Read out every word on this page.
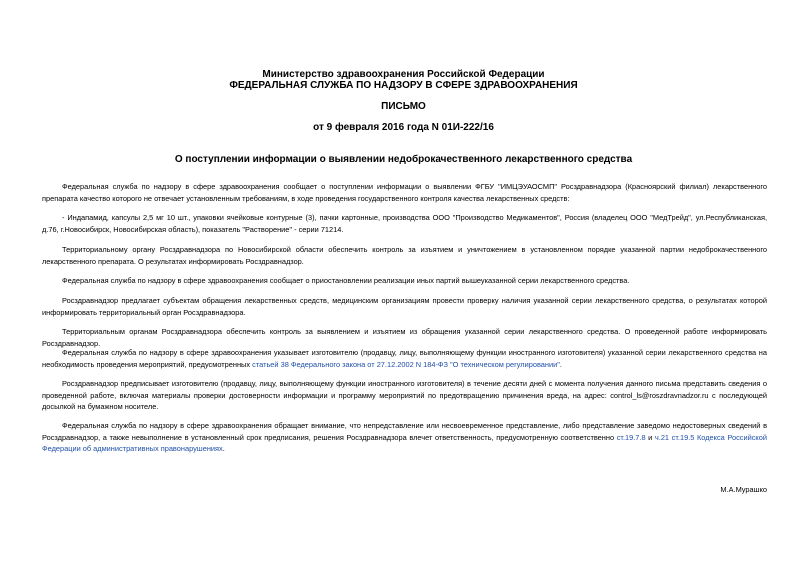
Министерство здравоохранения Российской Федерации
ФЕДЕРАЛЬНАЯ СЛУЖБА ПО НАДЗОРУ В СФЕРЕ ЗДРАВООХРАНЕНИЯ
ПИСЬМО
от 9 февраля 2016 года N 01И-222/16
О поступлении информации о выявлении недоброкачественного лекарственного средства
Федеральная служба по надзору в сфере здравоохранения сообщает о поступлении информации о выявлении ФГБУ "ИМЦЭУАОСМП" Росздравнадзора (Красноярский филиал) лекарственного препарата качество которого не отвечает установленным требованиям, в ходе проведения государственного контроля качества лекарственных средств:
- Индапамид, капсулы 2,5 мг 10 шт., упаковки ячейковые контурные (3), пачки картонные, производства ООО "Производство Медикаментов", Россия (владелец ООО "МедТрейд", ул.Республиканская, д.76, г.Новосибирск, Новосибирская область), показатель "Растворение" - серии 71214.
Территориальному органу Росздравнадзора по Новосибирской области обеспечить контроль за изъятием и уничтожением в установленном порядке указанной партии недоброкачественного лекарственного препарата. О результатах информировать Росздравнадзор.
Федеральная служба по надзору в сфере здравоохранения сообщает о приостановлении реализации иных партий вышеуказанной серии лекарственного средства.
Росздравнадзор предлагает субъектам обращения лекарственных средств, медицинским организациям провести проверку наличия указанной серии лекарственного средства, о результатах которой информировать территориальный орган Росздравнадзора.
Территориальным органам Росздравнадзора обеспечить контроль за выявлением и изъятием из обращения указанной серии лекарственного средства. О проведенной работе информировать Росздравнадзор.
Федеральная служба по надзору в сфере здравоохранения указывает изготовителю (продавцу, лицу, выполняющему функции иностранного изготовителя) указанной серии лекарственного средства на необходимость проведения мероприятий, предусмотренных статьей 38 Федерального закона от 27.12.2002 N 184-ФЗ "О техническом регулировании".
Росздравнадзор предписывает изготовителю (продавцу, лицу, выполняющему функции иностранного изготовителя) в течение десяти дней с момента получения данного письма представить сведения о проведенной работе, включая материалы проверки достоверности информации и программу мероприятий по предотвращению причинения вреда, на адрес: control_ls@roszdravnadzor.ru с последующей досылкой на бумажном носителе.
Федеральная служба по надзору в сфере здравоохранения обращает внимание, что непредставление или несвоевременное представление, либо представление заведомо недостоверных сведений в Росздравнадзор, а также невыполнение в установленный срок предписания, решения Росздравнадзора влечет ответственность, предусмотренную соответственно ст.19.7.8 и ч.21 ст.19.5 Кодекса Российской Федерации об административных правонарушениях.
М.А.Мурашко
